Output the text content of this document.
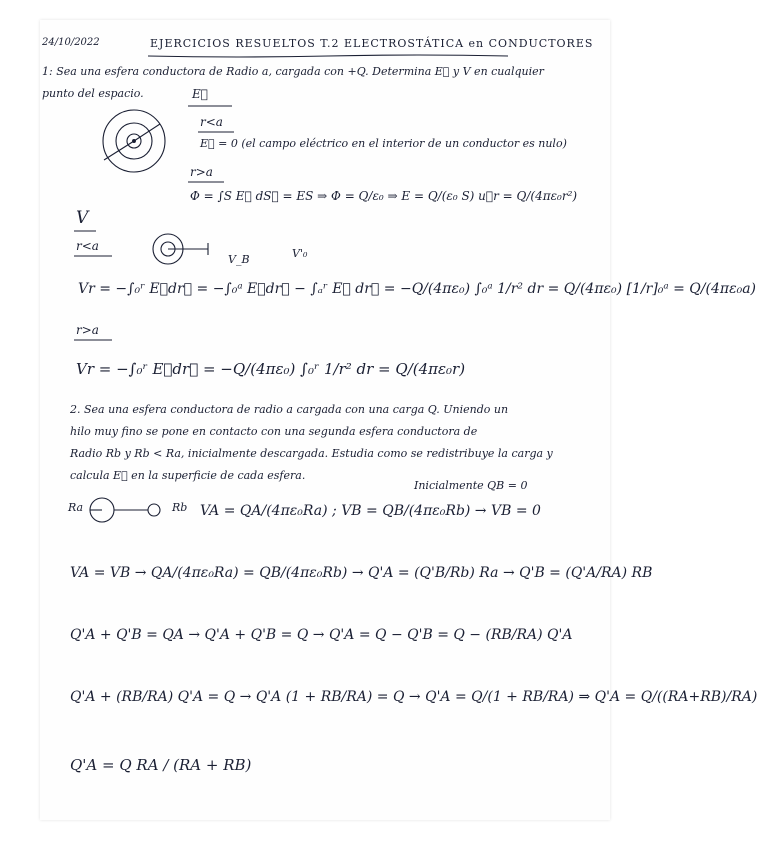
24/10/2022	EJERCICIOS RESUELTOS T.2 ELECTROSTÁTICA en CONDUCTORES
1: Sea una esfera conductora de Radio a, cargada con +Q. Determina E⃗ y V en cualquier
punto del espacio.	E⃗
r<a
E⃗ = 0 (el campo eléctrico en el interior de un conductor es nulo)
r>a
Φ = ∫S E⃗ dS⃗ = ES ⇒ Φ = Q/ε₀ ⇒ E = Q/(ε₀ S) u⃗r = Q/(4πε₀r²)
V
r<a
V_B	V'₀
Vr = −∫₀ʳ E⃗dr⃗ = −∫₀ᵃ E⃗dr⃗ − ∫ₐʳ E⃗ dr⃗ = −Q/(4πε₀) ∫₀ᵃ 1/r² dr = Q/(4πε₀) [1/r]₀ᵃ = Q/(4πε₀a)
r>a
Vr = −∫₀ʳ E⃗dr⃗ = −Q/(4πε₀) ∫₀ʳ 1/r² dr = Q/(4πε₀r)
2. Sea una esfera conductora de radio a cargada con una carga Q. Uniendo un
hilo muy fino se pone en contacto con una segunda esfera conductora de
Radio Rb y Rb < Ra, inicialmente descargada. Estudia como se redistribuye la carga y
calcula E⃗ en la superficie de cada esfera.
Inicialmente QB = 0
Ra	Rb VA = QA/(4πε₀Ra) ; VB = QB/(4πε₀Rb) → VB = 0
VA = VB → QA/(4πε₀Ra) = QB/(4πε₀Rb) → Q'A = (Q'B/Rb) Ra → Q'B = (Q'A/RA) RB
Q'A + Q'B = QA → Q'A + Q'B = Q → Q'A = Q − Q'B = Q − (RB/RA) Q'A
Q'A + (RB/RA) Q'A = Q → Q'A (1 + RB/RA) = Q → Q'A = Q/(1 + RB/RA) ⇒ Q'A = Q/((RA+RB)/RA)
Q'A = Q RA / (RA + RB)
